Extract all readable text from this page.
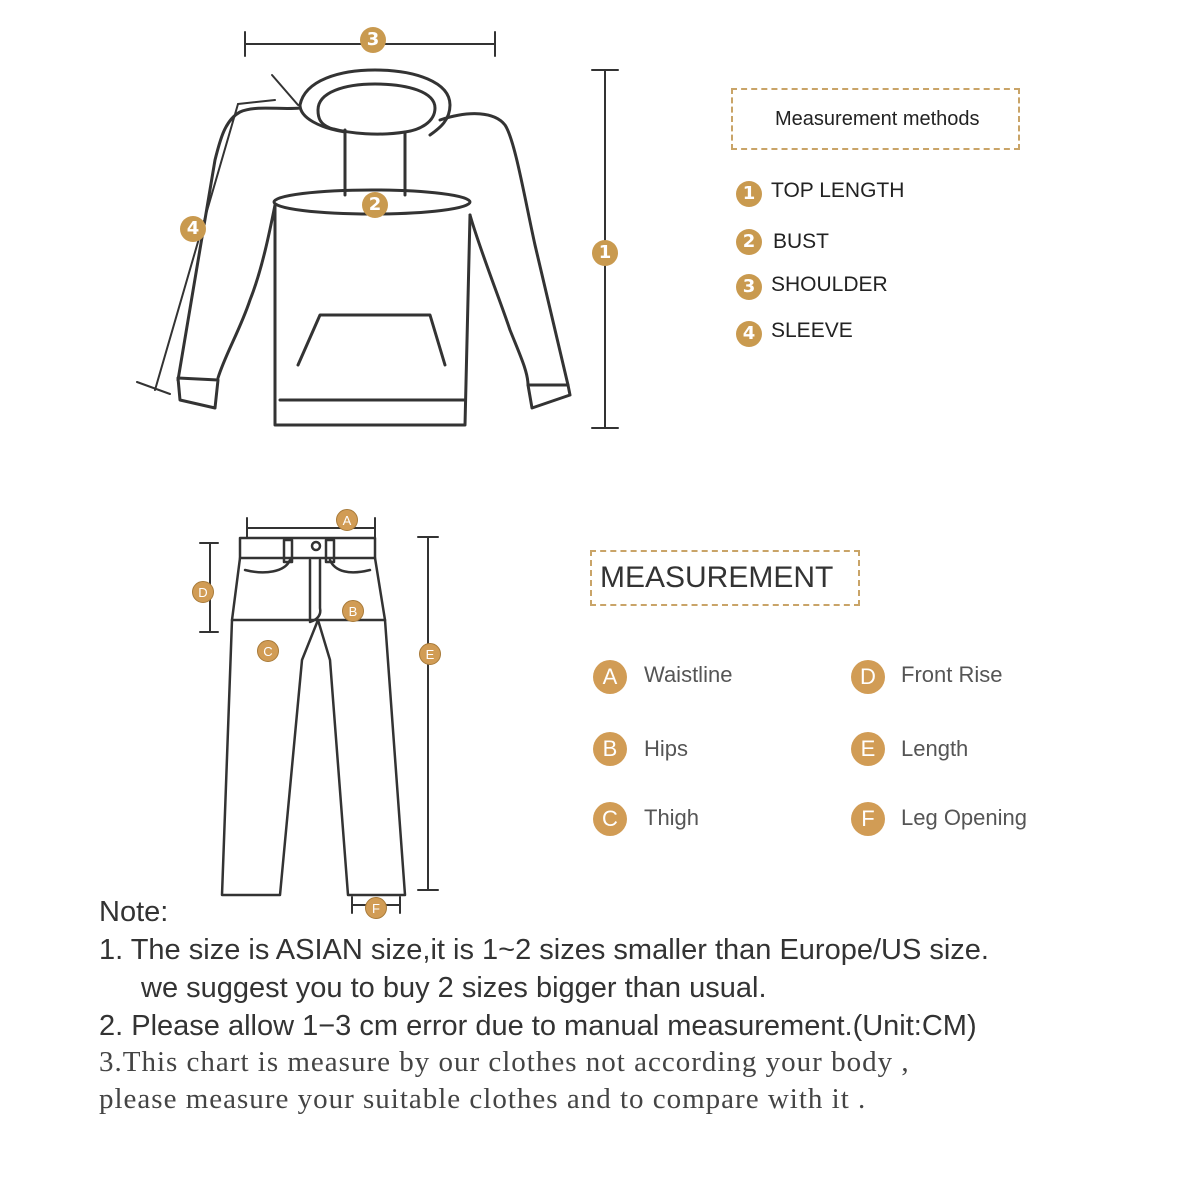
3
2
4
1
A
D
B
C	E
F
Measurement methods
1 TOP LENGTH
2 BUST
3 SHOULDER
4 SLEEVE
MEASUREMENT
A	Waistline
B	Hips
C	Thigh
D	Front Rise
E	Length
F	Leg Opening
Note:
1. The size is ASIAN size,it is 1~2 sizes smaller than Europe/US size.
we suggest you to buy 2 sizes bigger than usual.
2. Please allow 1−3 cm error due to manual measurement.(Unit:CM)
3.This chart is measure by our clothes not according your body ,
please measure your suitable clothes and to compare with it .
